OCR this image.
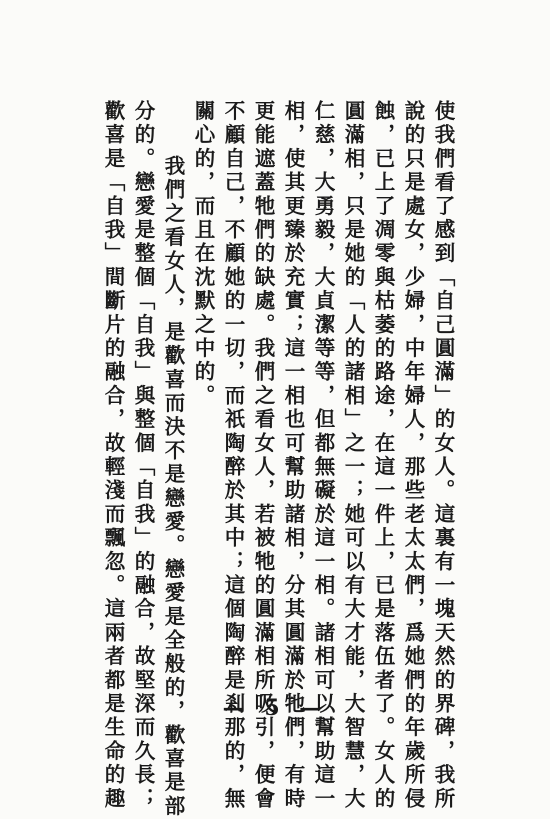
使我們看了感到「自己圓滿」的女人。這裏有一塊天然的界碑，我所
說的只是處女，少婦，中年婦人，那些老太太們，爲她們的年歲所侵
蝕，已上了凋零與枯萎的路途，在這一件上，已是落伍者了。女人的
圓滿相，只是她的「人的諸相」之一；她可以有大才能，大智慧，大
仁慈，大勇毅，大貞潔等等，但都無礙於這一相。諸相可以幫助這一
相，使其更臻於充實；這一相也可幫助諸相，分其圓滿於牠們，有時
更能遮蓋牠們的缺處。我們之看女人，若被牠的圓滿相所吸引，便會
不顧自己，不顧她的一切，而祇陶醉於其中；這個陶醉是剎那的，無
關心的，而且在沈默之中的。
我們之看女人，是歡喜而決不是戀愛。戀愛是全般的，歡喜是部
分的。戀愛是整個「自我」與整個「自我」的融合，故堅深而久長；
歡喜是「自我」間斷片的融合，故輕淺而飄忽。這兩者都是生命的趣	— 5 —
